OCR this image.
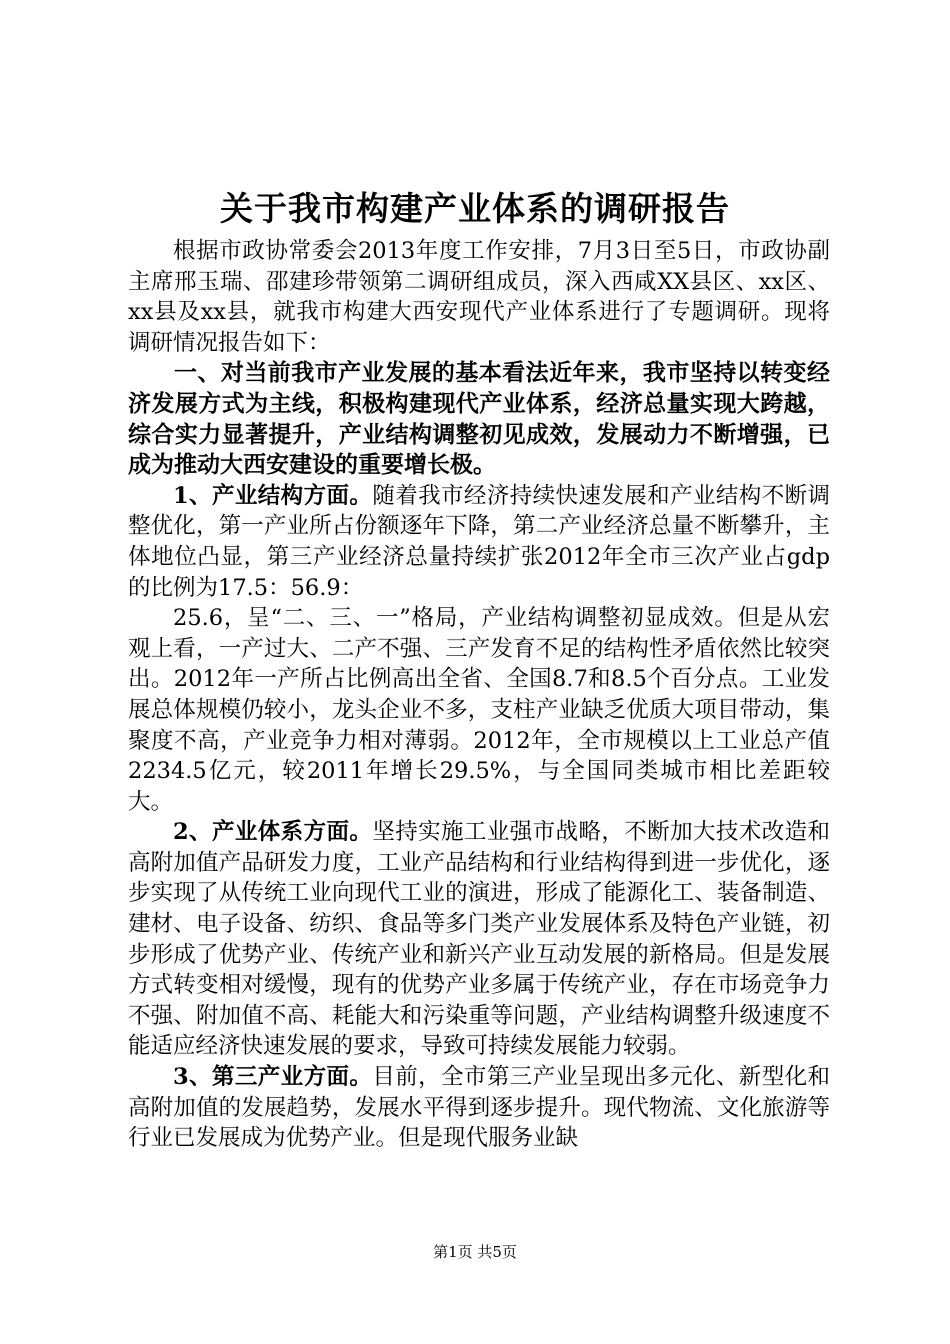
关于我市构建产业体系的调研报告

根据市政协常委会2013年度工作安排，7月3日至5日，市政协副主席邢玉瑞、邵建珍带领第二调研组成员，深入西咸XX县区、xx区、xx县及xx县，就我市构建大西安现代产业体系进行了专题调研。现将调研情况报告如下：

一、对当前我市产业发展的基本看法近年来，我市坚持以转变经济发展方式为主线，积极构建现代产业体系，经济总量实现大跨越，综合实力显著提升，产业结构调整初见成效，发展动力不断增强，已成为推动大西安建设的重要增长极。

1、产业结构方面。随着我市经济持续快速发展和产业结构不断调整优化，第一产业所占份额逐年下降，第二产业经济总量不断攀升，主体地位凸显，第三产业经济总量持续扩张2012年全市三次产业占gdp的比例为17.5：56.9：

25.6，呈“二、三、一”格局，产业结构调整初显成效。但是从宏观上看，一产过大、二产不强、三产发育不足的结构性矛盾依然比较突出。2012年一产所占比例高出全省、全国8.7和8.5个百分点。工业发展总体规模仍较小，龙头企业不多，支柱产业缺乏优质大项目带动，集聚度不高，产业竞争力相对薄弱。2012年，全市规模以上工业总产值2234.5亿元，较2011年增长29.5%，与全国同类城市相比差距较大。

2、产业体系方面。坚持实施工业强市战略，不断加大技术改造和高附加值产品研发力度，工业产品结构和行业结构得到进一步优化，逐步实现了从传统工业向现代工业的演进，形成了能源化工、装备制造、建材、电子设备、纺织、食品等多门类产业发展体系及特色产业链，初步形成了优势产业、传统产业和新兴产业互动发展的新格局。但是发展方式转变相对缓慢，现有的优势产业多属于传统产业，存在市场竞争力不强、附加值不高、耗能大和污染重等问题，产业结构调整升级速度不能适应经济快速发展的要求，导致可持续发展能力较弱。

3、第三产业方面。目前，全市第三产业呈现出多元化、新型化和高附加值的发展趋势，发展水平得到逐步提升。现代物流、文化旅游等行业已发展成为优势产业。但是现代服务业缺

第1页 共5页
